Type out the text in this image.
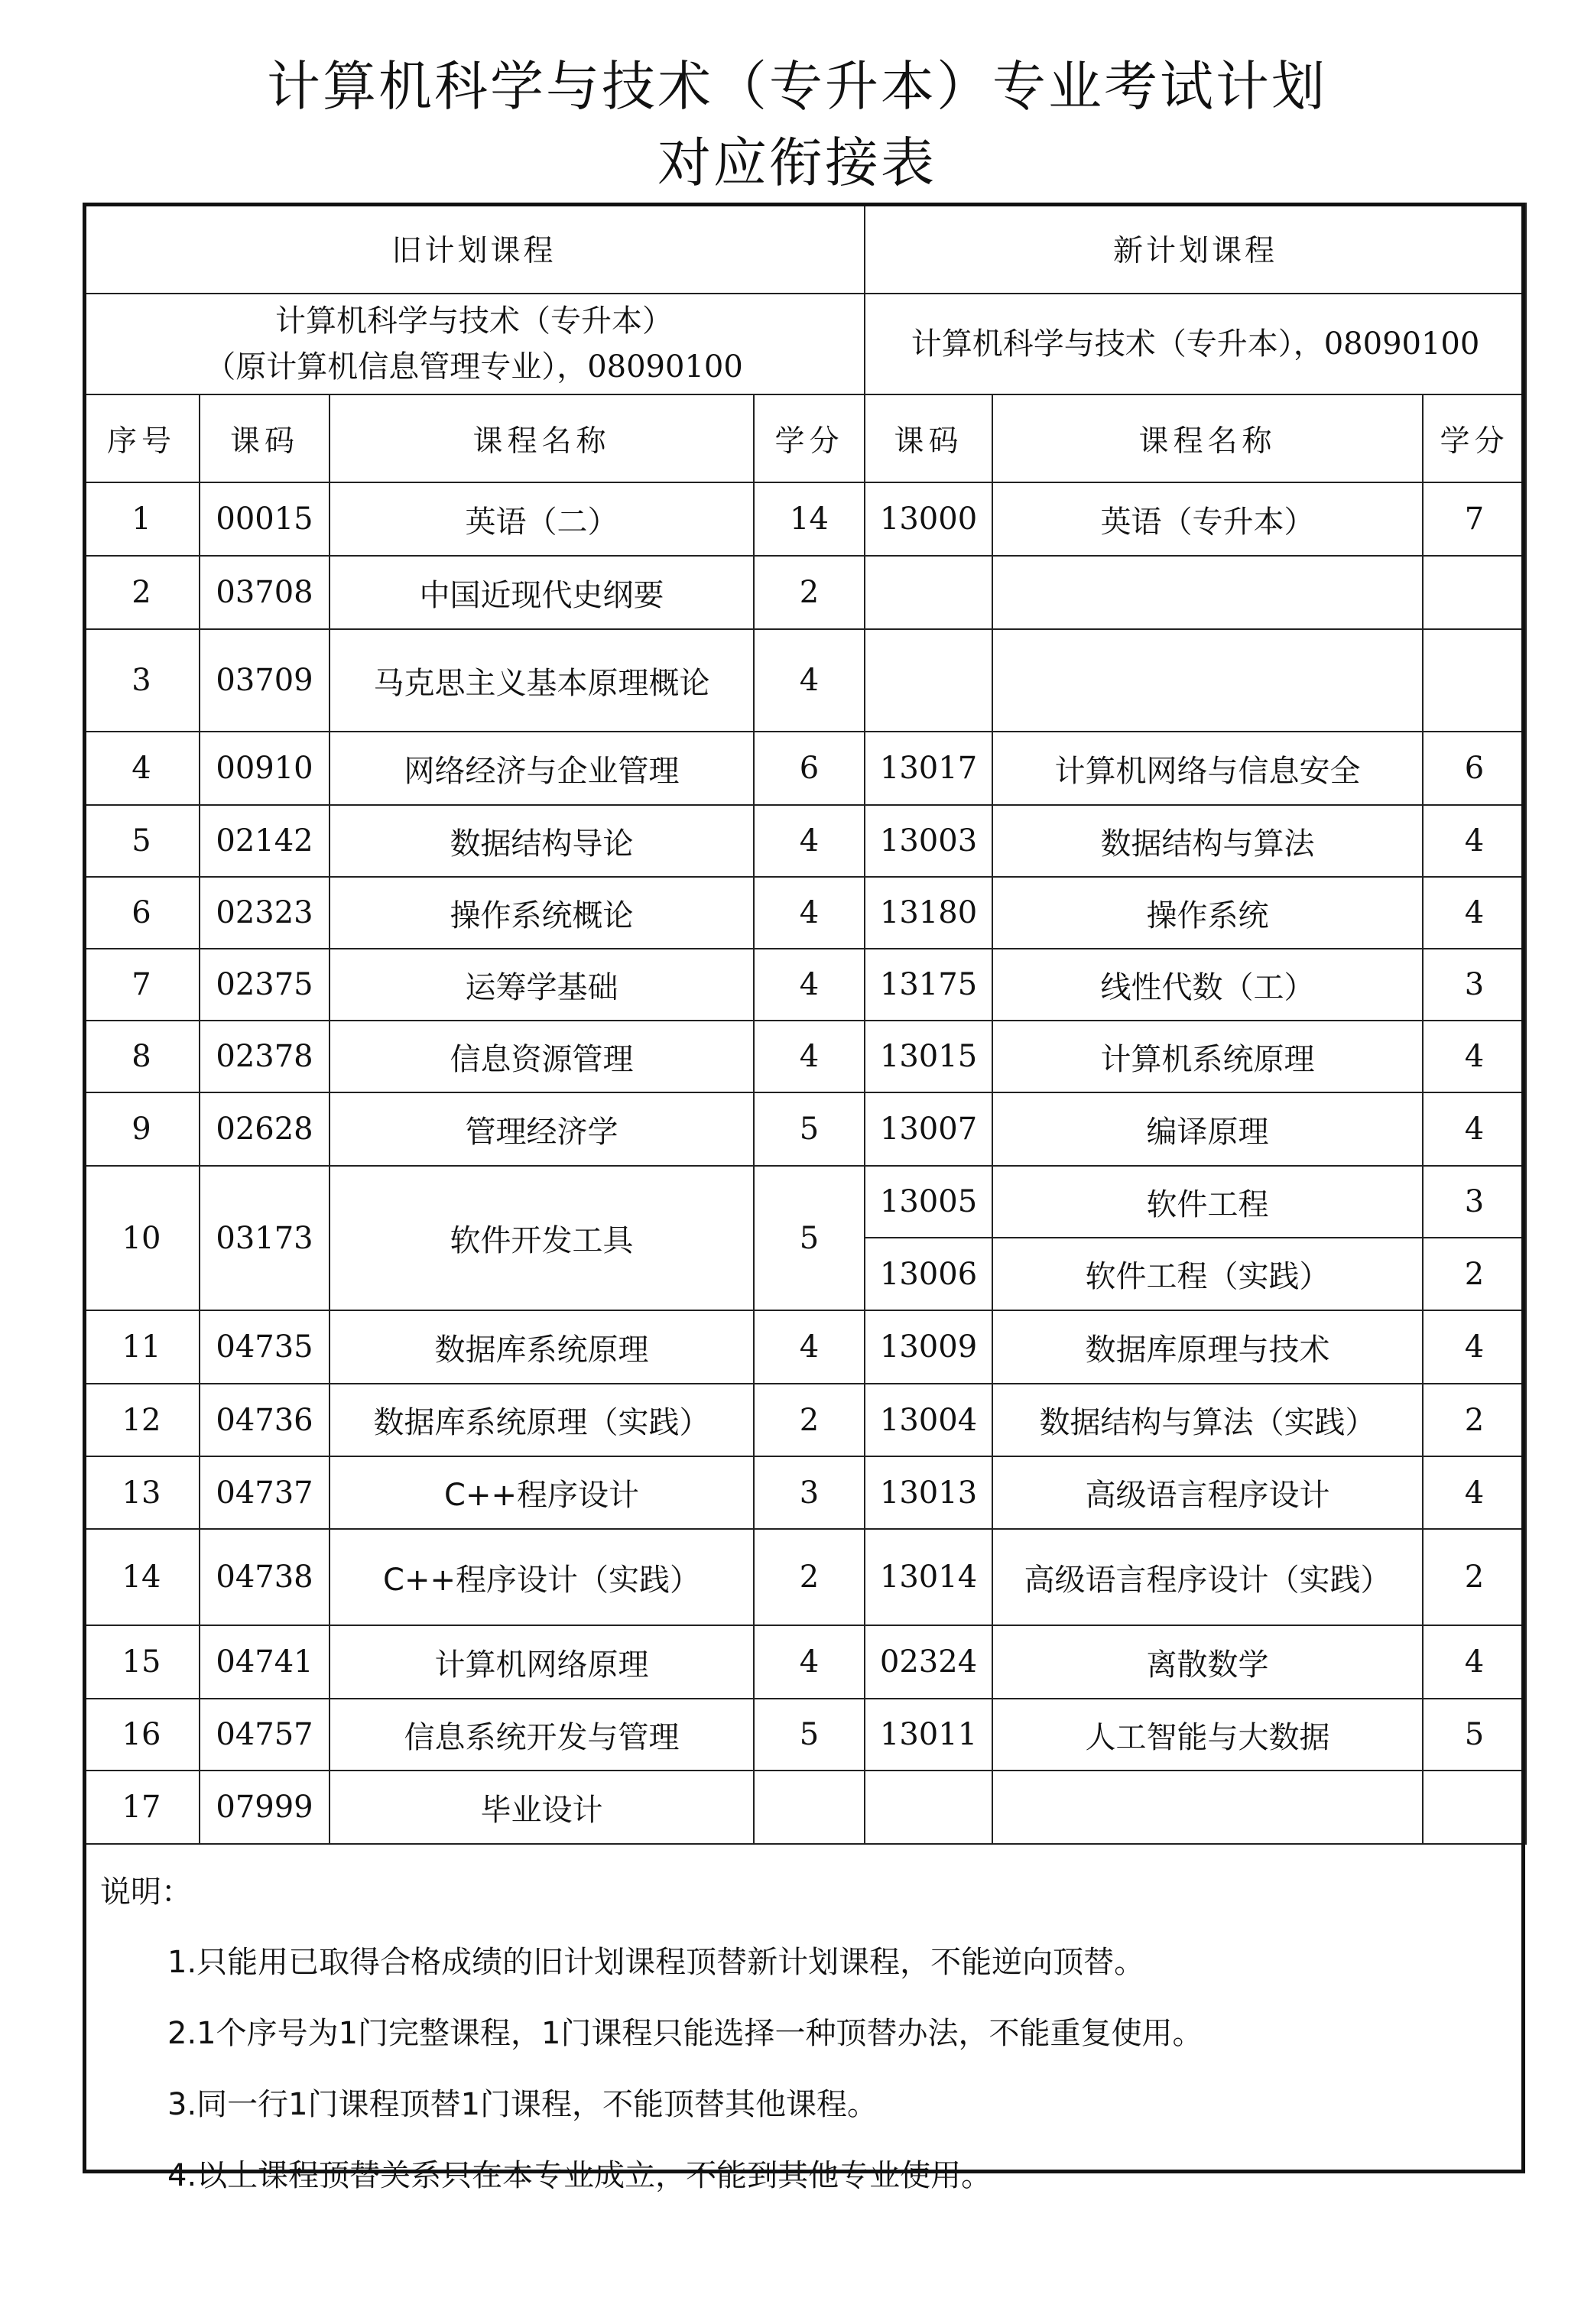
计算机科学与技术（专升本）专业考试计划
对应衔接表
旧计划课程				新计划课程		

计算机科学与技术（专升本）
（原计算机信息管理专业），08090100				计算机科学与技术（专升本），08090100		

序号	课码	课程名称	学分	课码	课程名称	学分
1	00015	英语（二）	14	13000	英语（专升本）	7
2	03708	中国近现代史纲要	2			
3	03709	马克思主义基本原理概论	4			
4	00910	网络经济与企业管理	6	13017	计算机网络与信息安全	6
5	02142	数据结构导论	4	13003	数据结构与算法	4
6	02323	操作系统概论	4	13180	操作系统	4
7	02375	运筹学基础	4	13175	线性代数（工）	3
8	02378	信息资源管理	4	13015	计算机系统原理	4
9	02628	管理经济学	5	13007	编译原理	4
10	03173	软件开发工具	5	13005	软件工程	3
				13006	软件工程（实践）	2
11	04735	数据库系统原理	4	13009	数据库原理与技术	4
12	04736	数据库系统原理（实践）	2	13004	数据结构与算法（实践）	2
13	04737	C++程序设计	3	13013	高级语言程序设计	4
14	04738	C++程序设计（实践）	2	13014	高级语言程序设计（实践）	2
15	04741	计算机网络原理	4	02324	离散数学	4
16	04757	信息系统开发与管理	5	13011	人工智能与大数据	5
17	07999	毕业设计				

说明：
1.只能用已取得合格成绩的旧计划课程顶替新计划课程，不能逆向顶替。
2.1个序号为1门完整课程，1门课程只能选择一种顶替办法，不能重复使用。
3.同一行1门课程顶替1门课程，不能顶替其他课程。
4.以上课程顶替关系只在本专业成立，不能到其他专业使用。						
